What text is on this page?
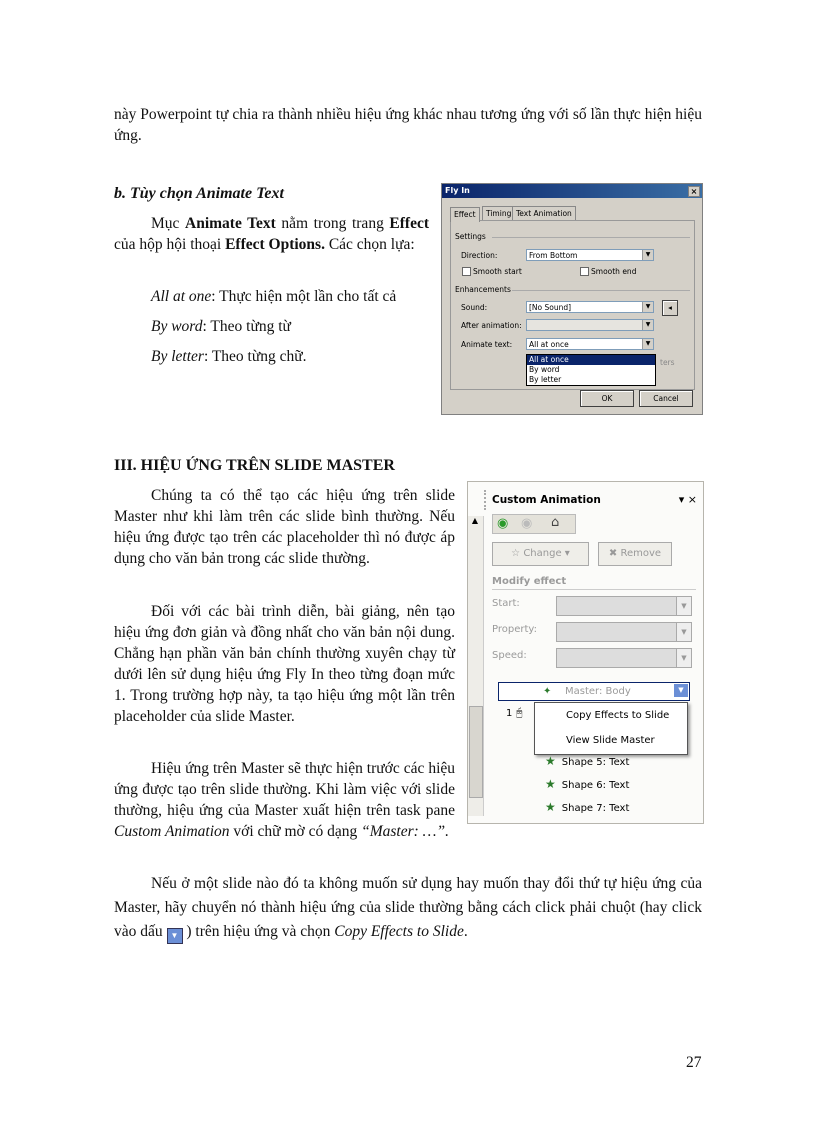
này Powerpoint tự chia ra thành nhiều hiệu ứng khác nhau tương ứng với số lần thực hiện hiệu ứng.
b. Tùy chọn Animate Text
Mục Animate Text nằm trong trang Effect của hộp hội thoại Effect Options. Các chọn lựa:
All at one: Thực hiện một lần cho tất cả
By word: Theo từng từ
By letter: Theo từng chữ.
Fly In	×
Effect	Timing Text Animation
Settings
Direction:	From Bottom	▼
Smooth start	Smooth end
Enhancements
Sound:	[No Sound]	▼	◂
After animation:	▼
Animate text:	All at once	▼
ters
All at once
By word
By letter
OK	Cancel
III. HIỆU ỨNG TRÊN SLIDE MASTER
Chúng ta có thể tạo các hiệu ứng trên slide Master như khi làm trên các slide bình thường. Nếu hiệu ứng được tạo trên các placeholder thì nó được áp dụng cho văn bản trong các slide thường.
Đối với các bài trình diễn, bài giảng, nên tạo hiệu ứng đơn giản và đồng nhất cho văn bản nội dung. Chẳng hạn phần văn bản chính thường xuyên chạy từ dưới lên sử dụng hiệu ứng Fly In theo từng đoạn mức 1. Trong trường hợp này, ta tạo hiệu ứng một lần trên placeholder của slide Master.
Hiệu ứng trên Master sẽ thực hiện trước các hiệu ứng được tạo trên slide thường. Khi làm việc với slide thường, hiệu ứng của Master xuất hiện trên task pane Custom Animation với chữ mờ có dạng “Master: …”.
Nếu ở một slide nào đó ta không muốn sử dụng hay muốn thay đổi thứ tự hiệu ứng của Master, hãy chuyển nó thành hiệu ứng của slide thường bằng cách click phải chuột (hay click vào dấu ▼ ) trên hiệu ứng và chọn Copy Effects to Slide.
Custom Animation	▾ ×
▲ ◉ ◉ ⌂
☆ Change ▾	✖ Remove
Modify effect
Start:	▼
Property:	▼
Speed:	▼
✦ Master: Body	▼
1 🖰	Copy Effects to Slide
View Slide Master
★ Shape 5: Text
★ Shape 6: Text
★ Shape 7: Text
27
